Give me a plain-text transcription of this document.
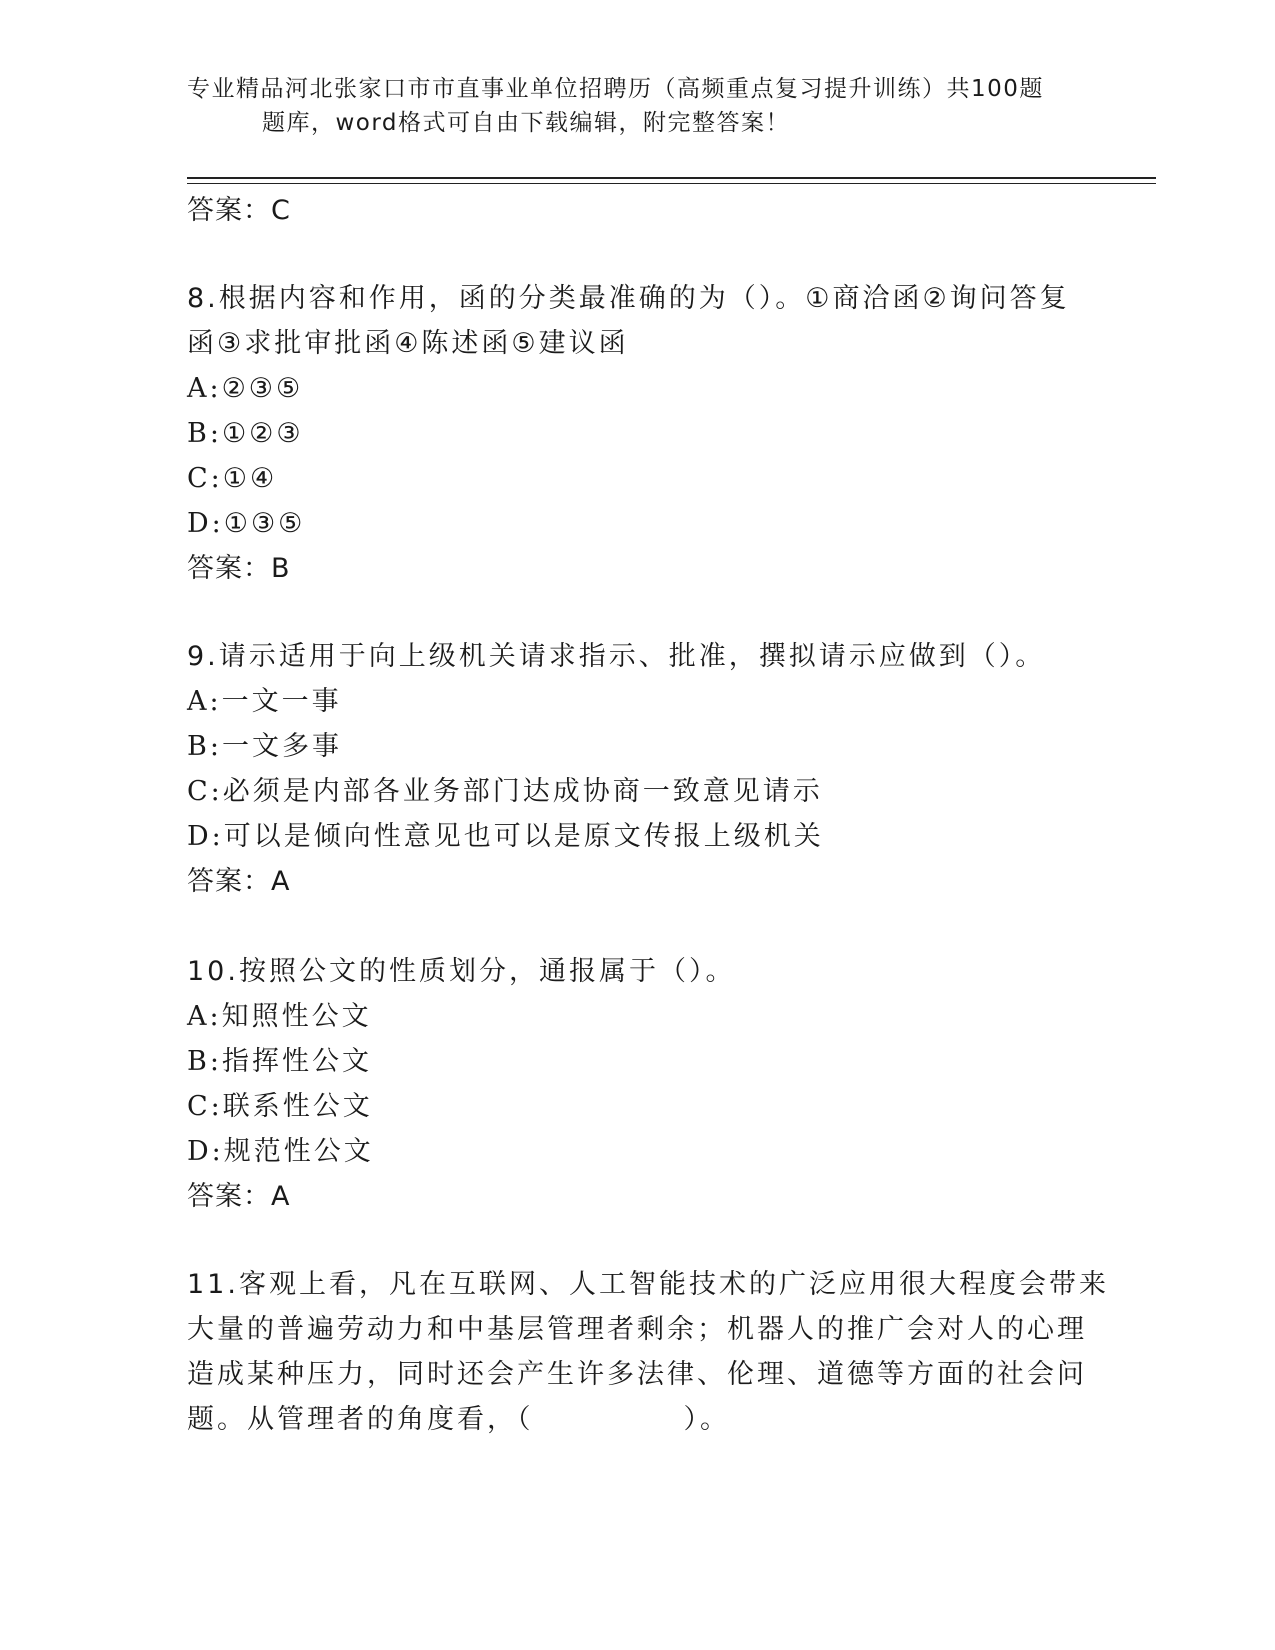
专业精品河北张家口市市直事业单位招聘历（高频重点复习提升训练）共100题
题库，word格式可自由下载编辑，附完整答案！
答案：C
8.根据内容和作用，函的分类最准确的为（）。①商洽函②询问答复
函③求批审批函④陈述函⑤建议函
A:②③⑤
B:①②③
C:①④
D:①③⑤
答案：B
9.请示适用于向上级机关请求指示、批准，撰拟请示应做到（）。
A:一文一事
B:一文多事
C:必须是内部各业务部门达成协商一致意见请示
D:可以是倾向性意见也可以是原文传报上级机关
答案：A
10.按照公文的性质划分，通报属于（）。
A:知照性公文
B:指挥性公文
C:联系性公文
D:规范性公文
答案：A
11.客观上看，凡在互联网、人工智能技术的广泛应用很大程度会带来
大量的普遍劳动力和中基层管理者剩余；机器人的推广会对人的心理
造成某种压力，同时还会产生许多法律、伦理、道德等方面的社会问
题。从管理者的角度看，（　　　　　）。
